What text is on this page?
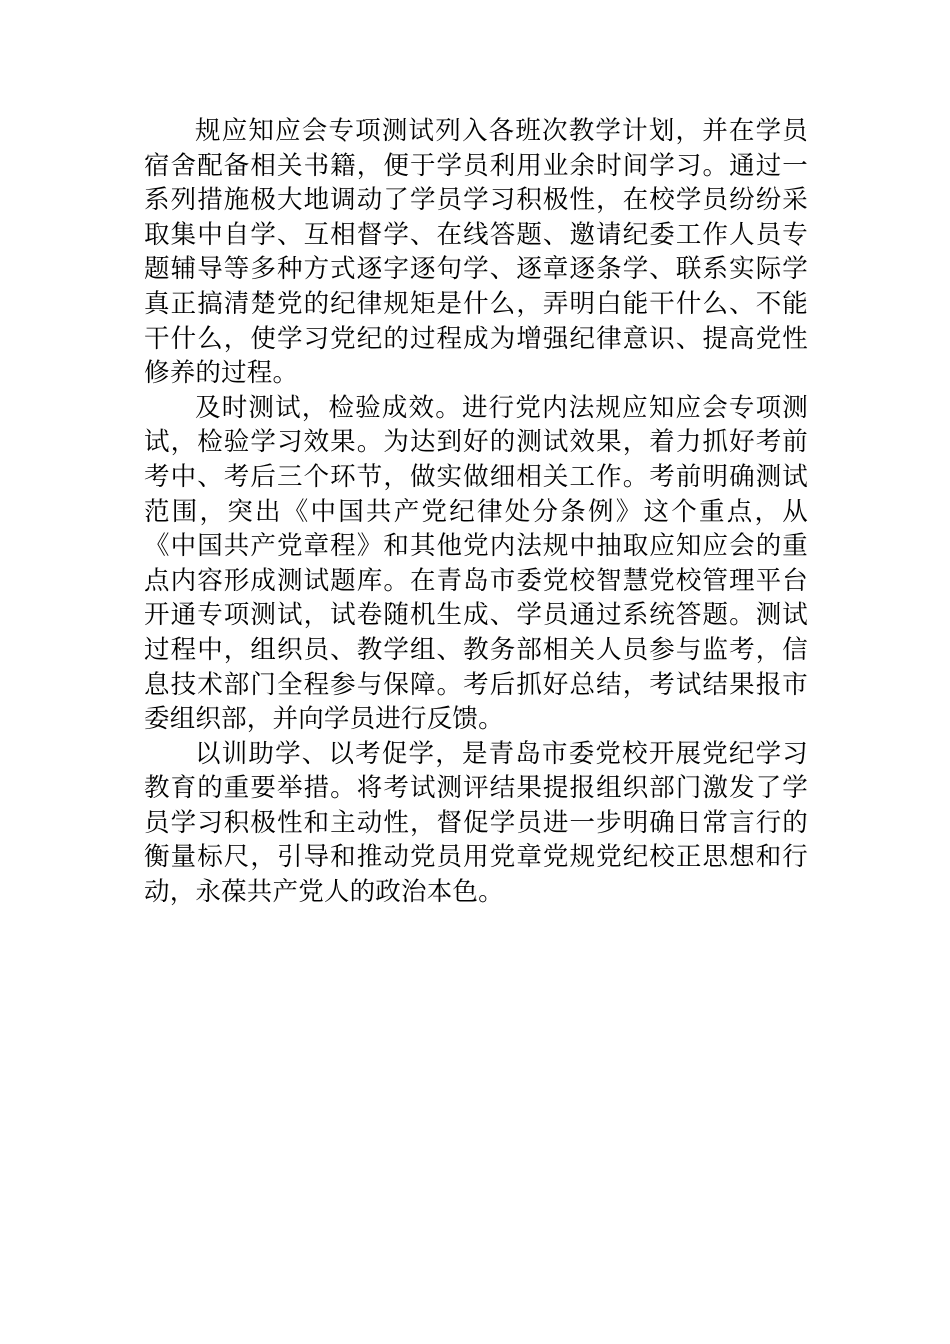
规应知应会专项测试列入各班次教学计划，并在学员宿舍配备相关书籍，便于学员利用业余时间学习。通过一系列措施极大地调动了学员学习积极性，在校学员纷纷采取集中自学、互相督学、在线答题、邀请纪委工作人员专题辅导等多种方式逐字逐句学、逐章逐条学、联系实际学真正搞清楚党的纪律规矩是什么，弄明白能干什么、不能干什么，使学习党纪的过程成为增强纪律意识、提高党性修养的过程。

及时测试，检验成效。进行党内法规应知应会专项测试，检验学习效果。为达到好的测试效果，着力抓好考前考中、考后三个环节，做实做细相关工作。考前明确测试范围，突出《中国共产党纪律处分条例》这个重点，从《中国共产党章程》和其他党内法规中抽取应知应会的重点内容形成测试题库。在青岛市委党校智慧党校管理平台开通专项测试，试卷随机生成、学员通过系统答题。测试过程中，组织员、教学组、教务部相关人员参与监考，信息技术部门全程参与保障。考后抓好总结，考试结果报市委组织部，并向学员进行反馈。

以训助学、以考促学，是青岛市委党校开展党纪学习教育的重要举措。将考试测评结果提报组织部门激发了学员学习积极性和主动性，督促学员进一步明确日常言行的衡量标尺，引导和推动党员用党章党规党纪校正思想和行动，永葆共产党人的政治本色。
